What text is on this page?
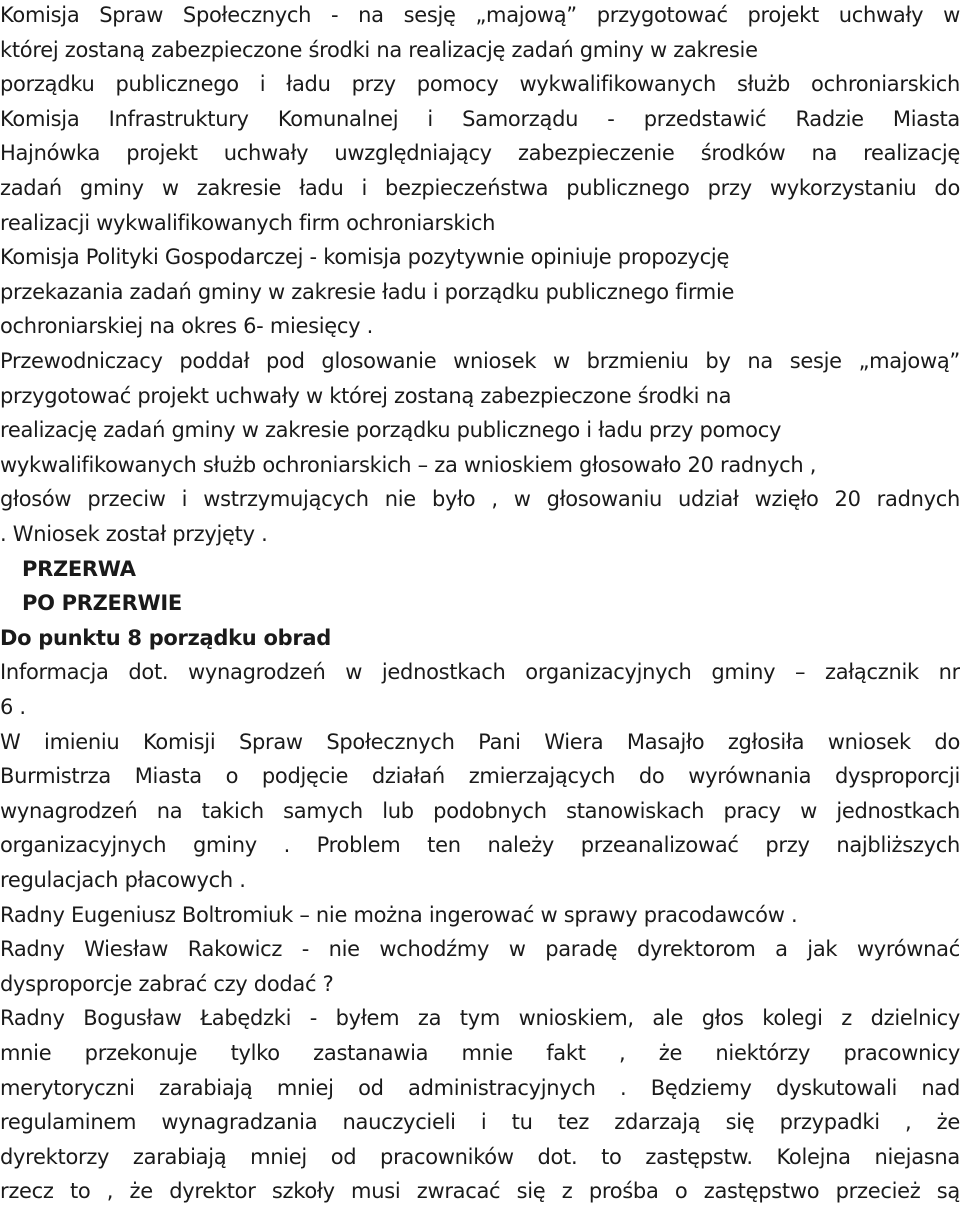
Komisja Spraw Społecznych - na sesję „majową” przygotować projekt uchwały w
której zostaną zabezpieczone środki na realizację zadań gminy w zakresie
porządku publicznego i ładu przy pomocy wykwalifikowanych służb ochroniarskich
Komisja Infrastruktury Komunalnej i Samorządu - przedstawić Radzie Miasta
Hajnówka projekt uchwały uwzględniający zabezpieczenie środków na realizację
zadań gminy w zakresie ładu i bezpieczeństwa publicznego przy wykorzystaniu do
realizacji wykwalifikowanych firm ochroniarskich
Komisja Polityki Gospodarczej - komisja pozytywnie opiniuje propozycję
przekazania zadań gminy w zakresie ładu i porządku publicznego firmie
ochroniarskiej na okres 6- miesięcy .
Przewodniczacy poddał pod glosowanie wniosek w brzmieniu by na sesje „majową”
przygotować projekt uchwały w której zostaną zabezpieczone środki na
realizację zadań gminy w zakresie porządku publicznego i ładu przy pomocy
wykwalifikowanych służb ochroniarskich – za wnioskiem głosowało 20 radnych ,
głosów przeciw i wstrzymujących nie było , w głosowaniu udział wzięło 20 radnych
. Wniosek został przyjęty .
PRZERWA
PO PRZERWIE
Do punktu 8 porządku obrad
Informacja dot. wynagrodzeń w jednostkach organizacyjnych gminy – załącznik nr
6 .
W imieniu Komisji Spraw Społecznych Pani Wiera Masajło zgłosiła wniosek do
Burmistrza Miasta o podjęcie działań zmierzających do wyrównania dysproporcji
wynagrodzeń na takich samych lub podobnych stanowiskach pracy w jednostkach
organizacyjnych gminy . Problem ten należy przeanalizować przy najbliższych
regulacjach płacowych .
Radny Eugeniusz Boltromiuk – nie można ingerować w sprawy pracodawców .
Radny Wiesław Rakowicz - nie wchodźmy w paradę dyrektorom a jak wyrównać
dysproporcje zabrać czy dodać ?
Radny Bogusław Łabędzki - byłem za tym wnioskiem, ale głos kolegi z dzielnicy
mnie przekonuje tylko zastanawia mnie fakt , że niektórzy pracownicy
merytoryczni zarabiają mniej od administracyjnych . Będziemy dyskutowali nad
regulaminem wynagradzania nauczycieli i tu tez zdarzają się przypadki , że
dyrektorzy zarabiają mniej od pracowników dot. to zastępstw. Kolejna niejasna
rzecz to , że dyrektor szkoły musi zwracać się z prośba o zastępstwo przecież są
